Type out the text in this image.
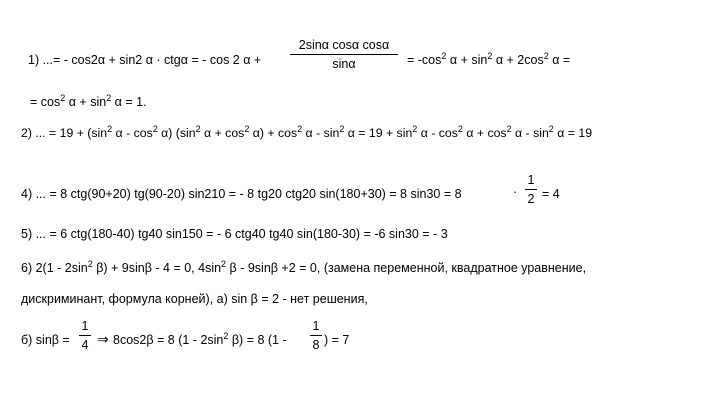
1) ...= - cos2α + sin2 α · ctgα = - cos 2 α +
2sinα cosα cosα
sinα	= $-\cos^2$ $\alpha + \sin^2 \alpha + 2\cos^2$ α =
= $\cos^2 \alpha + \sin^2 \alpha = 1$.
2) ... = $19 + (\sin^2$ α - $\cos^2 \alpha$) ($\sin^2$ $\alpha + \cos^2 \alpha) + \cos^2 \alpha - \sin^2 \alpha = 19 + \sin^2 \alpha - \cos^2 \alpha + \cos^2 \alpha - \sin^2 \alpha = 19$
4) ... = 8 ctg(90+20) tg(90-20) sin210 = - 8 tg20 ctg20 sin(180+30) = 8 sin30 = 8	·
1
2 = 4
5) ... = 6 ctg(180-40) tg40 sin150 = - 6 ctg40 tg40 sin(180-30) = -6 sin30 = - 3
6) $2(1 - 2\sin^2$ β) + 9sinβ - 4 = 0, $4\sin^2$ β - 9sinβ +2 = 0, (замена переменной, квадратное уравнение,
дискриминант, формула корней), а) sin β = 2 - нет решения,
б) sinβ =
1
4 ⇒ 8cos2β = 8 ($1 - 2\sin^2$ β) = 8 (1 -
1
8 ) = 7
